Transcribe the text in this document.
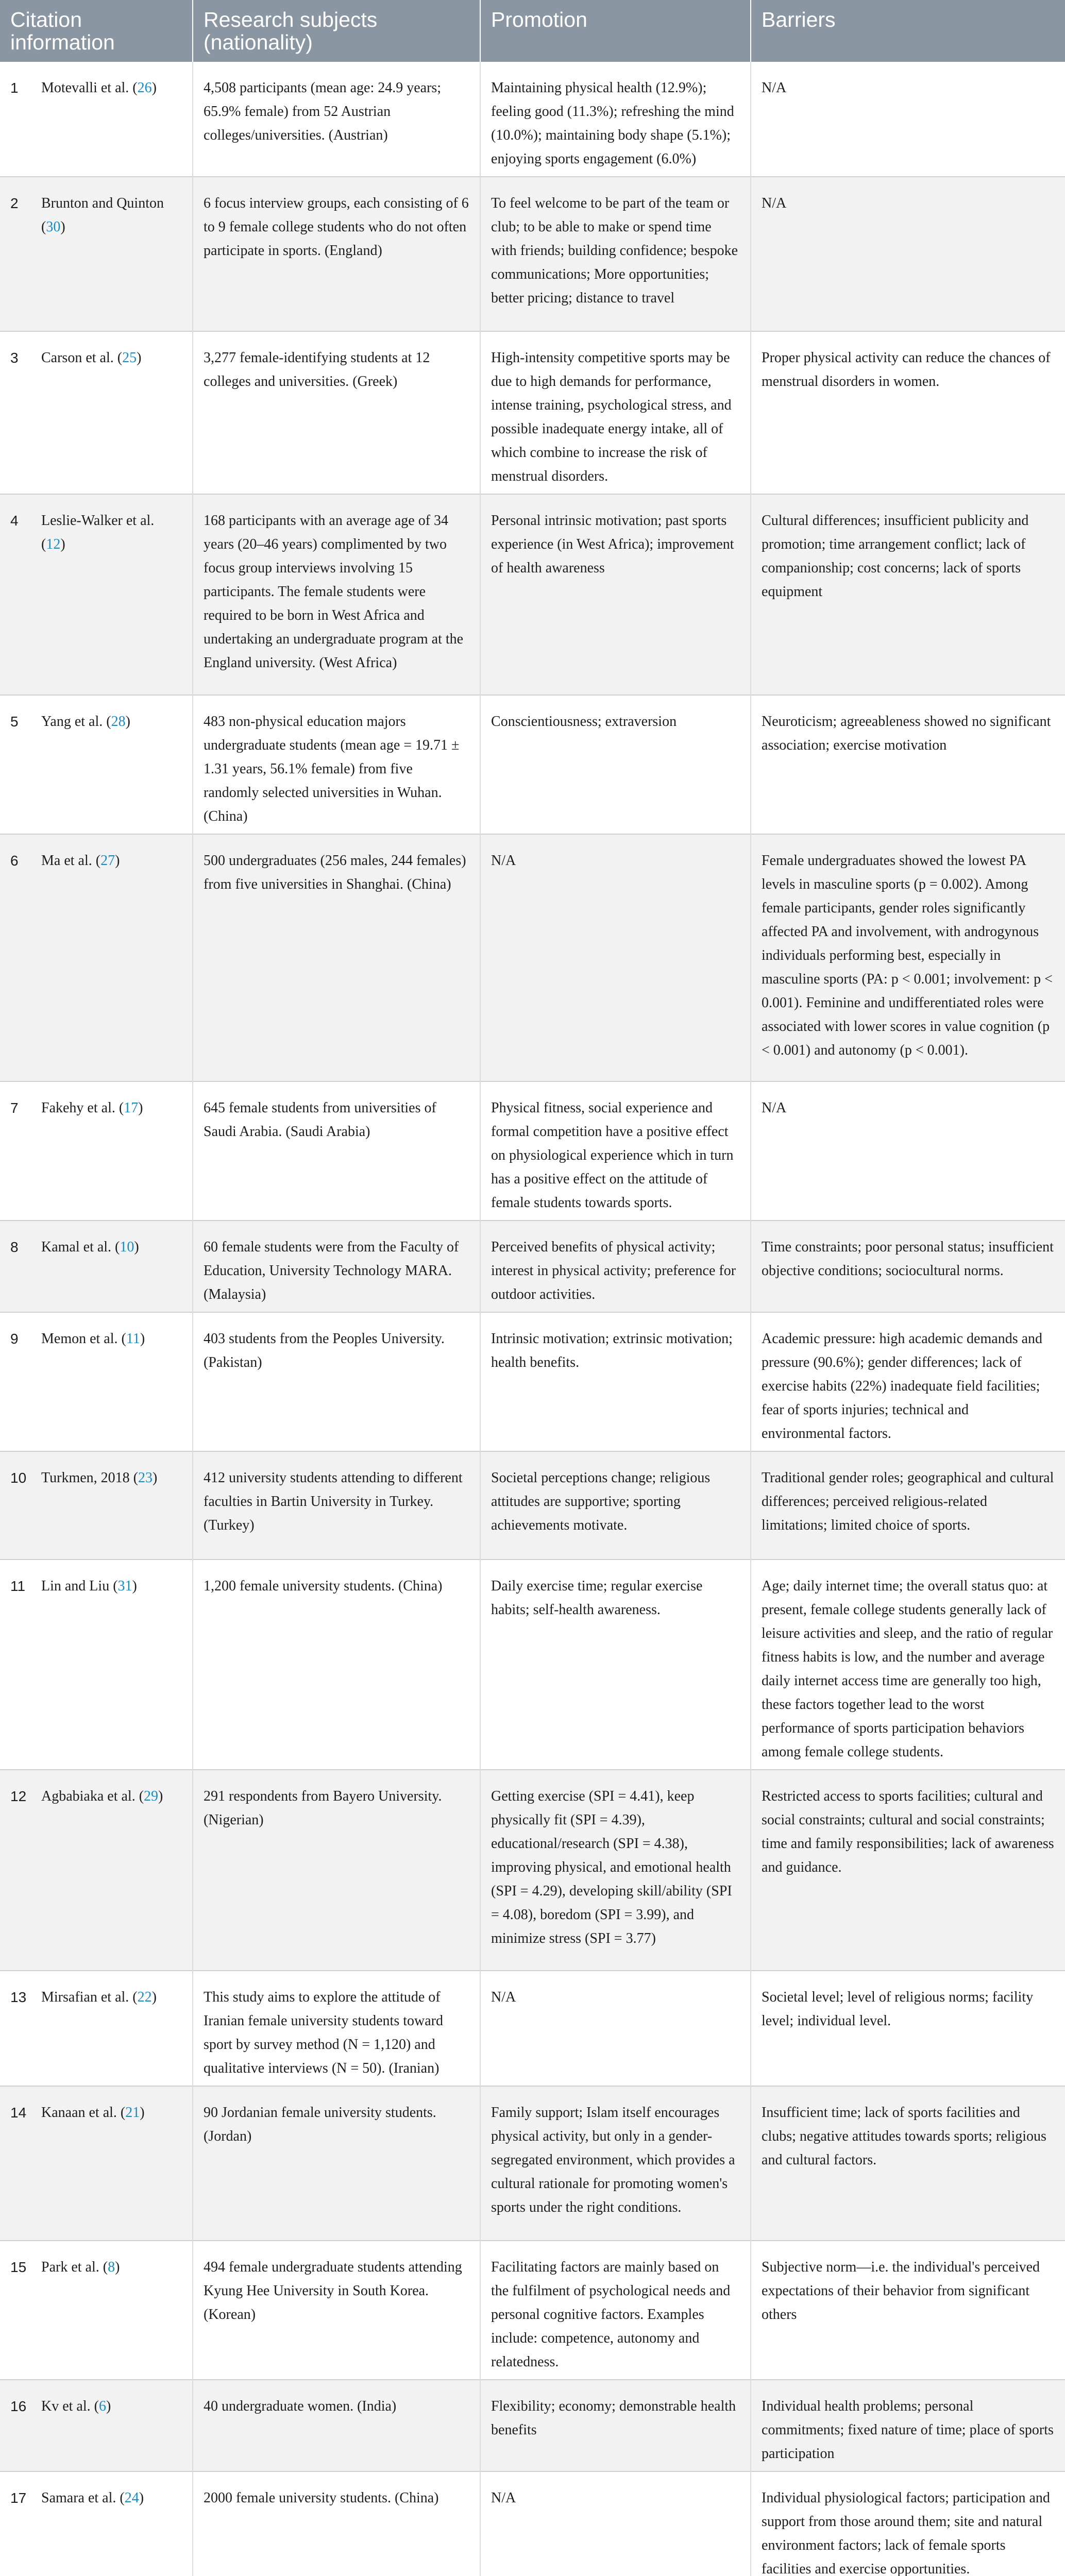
Citation information		Research subjects (nationality)	Promotion	Barriers
	1 Motevalli et al. (26)	4,508 participants (mean age: 24.9 years; 65.9% female) from 52 Austrian colleges/universities. (Austrian)	Maintaining physical health (12.9%); feeling good (11.3%); refreshing the mind (10.0%); maintaining body shape (5.1%); enjoying sports engagement (6.0%)	N/A
	2 Brunton and Quinton (30)	6 focus interview groups, each consisting of 6 to 9 female college students who do not often participate in sports. (England)	To feel welcome to be part of the team or club; to be able to make or spend time with friends; building confidence; bespoke communications; More opportunities; better pricing; distance to travel	N/A
	3 Carson et al. (25)	3,277 female-identifying students at 12 colleges and universities. (Greek)	High-intensity competitive sports may be due to high demands for performance, intense training, psychological stress, and possible inadequate energy intake, all of which combine to increase the risk of menstrual disorders.	Proper physical activity can reduce the chances of menstrual disorders in women.
	4 Leslie-Walker et al. (12)	168 participants with an average age of 34 years (20–46 years) complimented by two focus group interviews involving 15 participants. The female students were required to be born in West Africa and undertaking an undergraduate program at the England university. (West Africa)	Personal intrinsic motivation; past sports experience (in West Africa); improvement of health awareness	Cultural differences; insufficient publicity and promotion; time arrangement conflict; lack of companionship; cost concerns; lack of sports equipment
	5 Yang et al. (28)	483 non-physical education majors undergraduate students (mean age = 19.71 ± 1.31 years, 56.1% female) from five randomly selected universities in Wuhan.(China)	Conscientiousness; extraversion	Neuroticism; agreeableness showed no significant association; exercise motivation
	6 Ma et al. (27)	500 undergraduates (256 males, 244 females) from five universities in Shanghai. (China)	N/A	Female undergraduates showed the lowest PA levels in masculine sports (p = 0.002). Among female participants, gender roles significantly affected PA and involvement, with androgynous individuals performing best, especially in masculine sports (PA: p < 0.001; involvement: p < 0.001). Feminine and undifferentiated roles were associated with lower scores in value cognition (p < 0.001) and autonomy (p < 0.001).
	7 Fakehy et al. (17)	645 female students from universities of Saudi Arabia. (Saudi Arabia)	Physical fitness, social experience and formal competition have a positive effect on physiological experience which in turn has a positive effect on the attitude of female students towards sports.	N/A
	8 Kamal et al. (10)	60 female students were from the Faculty of Education, University Technology MARA. (Malaysia)	Perceived benefits of physical activity; interest in physical activity; preference for outdoor activities.	Time constraints; poor personal status; insufficient objective conditions; sociocultural norms.
	9 Memon et al. (11)	403 students from the Peoples University. (Pakistan)	Intrinsic motivation; extrinsic motivation; health benefits.	Academic pressure: high academic demands and pressure (90.6%); gender differences; lack of exercise habits (22%) inadequate field facilities; fear of sports injuries; technical and environmental factors.
	10 Turkmen, 2018 (23)	412 university students attending to different faculties in Bartin University in Turkey. (Turkey)	Societal perceptions change; religious attitudes are supportive; sporting achievements motivate.	Traditional gender roles; geographical and cultural differences; perceived religious-related limitations; limited choice of sports.
	11 Lin and Liu (31)	1,200 female university students. (China)	Daily exercise time; regular exercise habits; self-health awareness.	Age; daily internet time; the overall status quo: at present, female college students generally lack of leisure activities and sleep, and the ratio of regular fitness habits is low, and the number and average daily internet access time are generally too high, these factors together lead to the worst performance of sports participation behaviors among female college students.
	12 Agbabiaka et al. (29)	291 respondents from Bayero University. (Nigerian)	Getting exercise (SPI = 4.41), keep physically fit (SPI = 4.39), educational/research (SPI = 4.38), improving physical, and emotional health (SPI = 4.29), developing skill/ability (SPI = 4.08), boredom (SPI = 3.99), and minimize stress (SPI = 3.77)	Restricted access to sports facilities; cultural and social constraints; cultural and social constraints; time and family responsibilities; lack of awareness and guidance.
	13 Mirsafian et al. (22)	This study aims to explore the attitude of Iranian female university students toward sport by survey method (N = 1,120) and qualitative interviews (N = 50). (Iranian)	N/A	Societal level; level of religious norms; facility level; individual level.
	14 Kanaan et al. (21)	90 Jordanian female university students. (Jordan)	Family support; Islam itself encourages physical activity, but only in a gender-segregated environment, which provides a cultural rationale for promoting women's sports under the right conditions.	Insufficient time; lack of sports facilities and clubs; negative attitudes towards sports; religious and cultural factors.
	15 Park et al. (8)	494 female undergraduate students attending Kyung Hee University in South Korea. (Korean)	Facilitating factors are mainly based on the fulfilment of psychological needs and personal cognitive factors. Examples include: competence, autonomy and relatedness.	Subjective norm—i.e. the individual's perceived expectations of their behavior from significant others
	16 Kv et al. (6)	40 undergraduate women. (India)	Flexibility; economy; demonstrable health benefits	Individual health problems; personal commitments; fixed nature of time; place of sports participation
	17 Samara et al. (24)	2000 female university students. (China)	N/A	Individual physiological factors; participation and support from those around them; site and natural environment factors; lack of female sports facilities and exercise opportunities.
